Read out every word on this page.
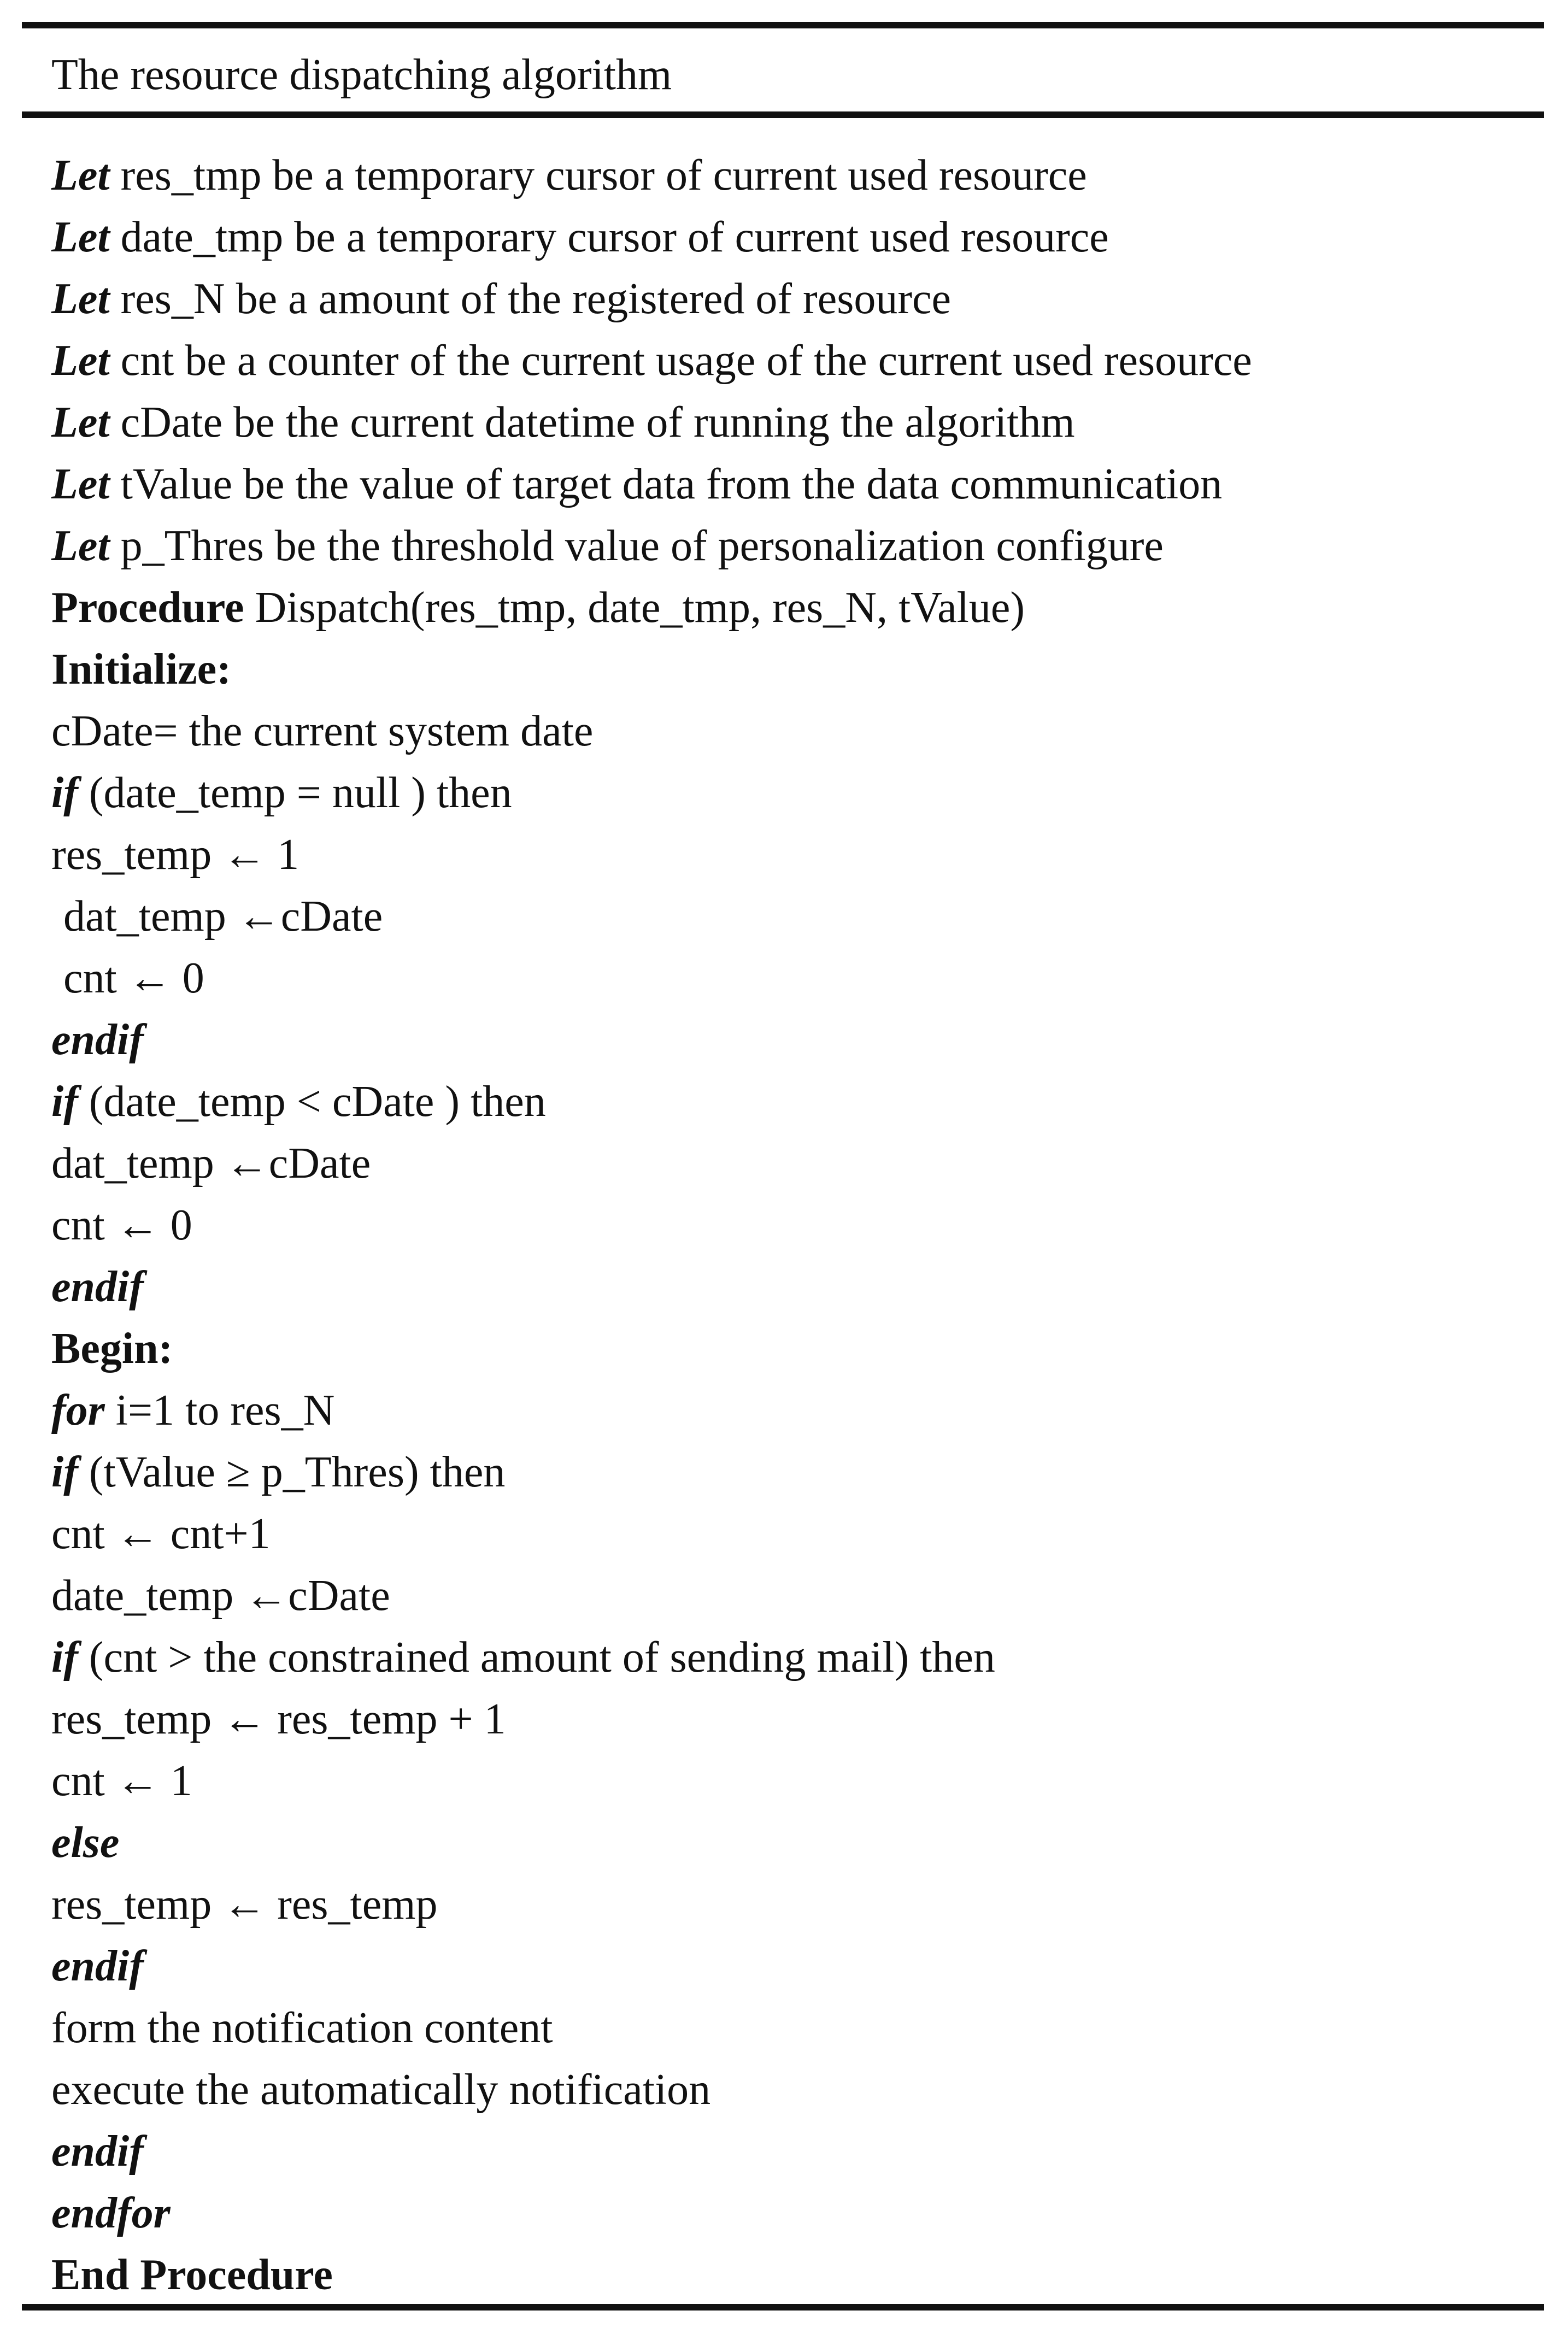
The resource dispatching algorithm
Let res_tmp be a temporary cursor of current used resource
Let date_tmp be a temporary cursor of current used resource
Let res_N be a amount of the registered of resource
Let cnt be a counter of the current usage of the current used resource
Let cDate be the current datetime of running the algorithm
Let tValue be the value of target data from the data communication
Let p_Thres be the threshold value of personalization configure
Procedure Dispatch(res_tmp, date_tmp, res_N, tValue)
Initialize:
cDate= the current system date
if (date_temp = null ) then
res_temp ← 1
dat_temp ←cDate
cnt ← 0
endif
if (date_temp < cDate ) then
dat_temp ←cDate
cnt ← 0
endif
Begin:
for i=1 to res_N
if (tValue ≥ p_Thres) then
cnt ← cnt+1
date_temp ←cDate
if (cnt > the constrained amount of sending mail) then
res_temp ← res_temp + 1
cnt ← 1
else
res_temp ← res_temp
endif
form the notification content
execute the automatically notification
endif
endfor
End Procedure
